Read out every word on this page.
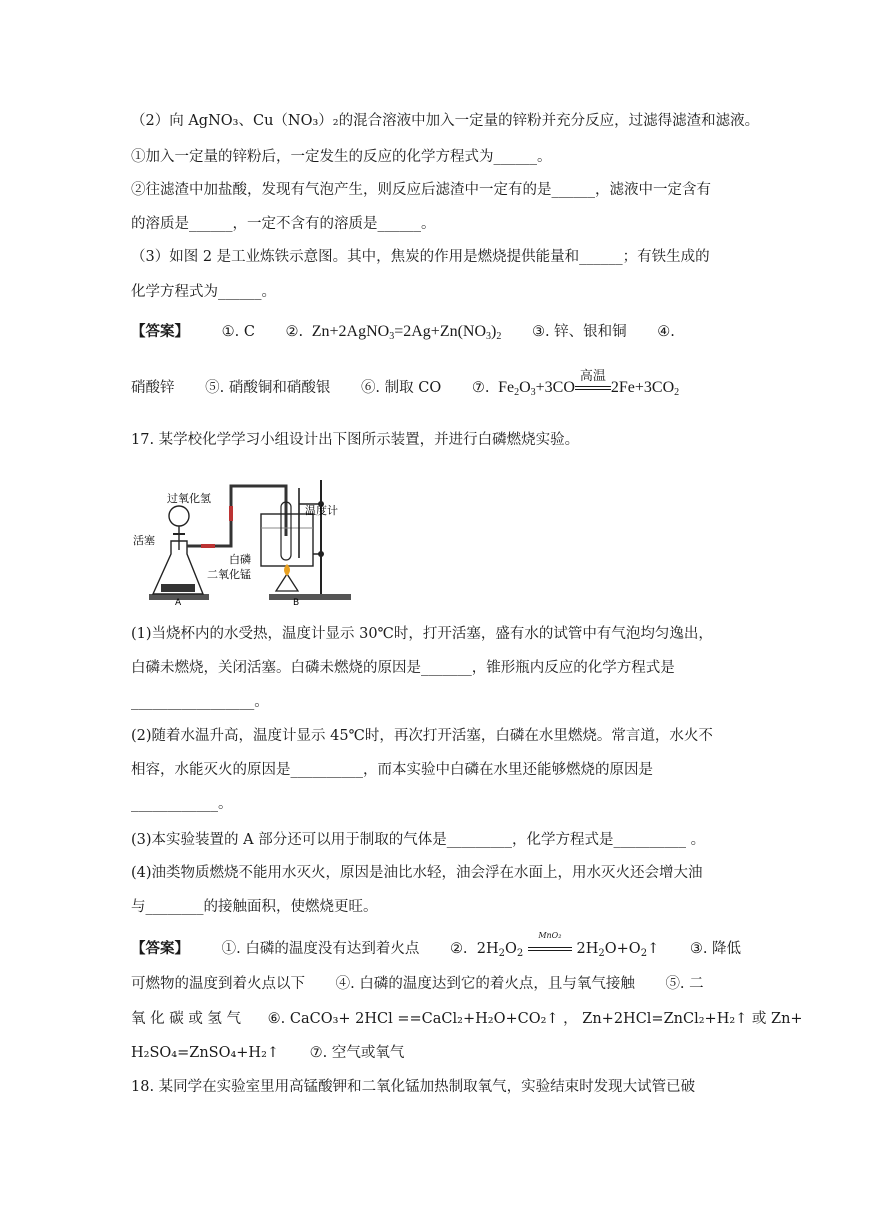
（2）向 AgNO₃、Cu（NO₃）₂的混合溶液中加入一定量的锌粉并充分反应，过滤得滤渣和滤液。
①加入一定量的锌粉后，一定发生的反应的化学方程式为______。
②往滤渣中加盐酸，发现有气泡产生，则反应后滤渣中一定有的是______，滤液中一定含有
的溶质是______，一定不含有的溶质是______。
（3）如图 2 是工业炼铁示意图。其中，焦炭的作用是燃烧提供能量和______；有铁生成的
化学方程式为______。
【答案】 ①. C ②.  $Zn+2AgNO_3=2Ag+Zn(NO_3)_2$ ③. 锌、银和铜 ④.
硝酸锌 ⑤. 硝酸铜和硝酸银 ⑥. 制取 CO ⑦.  $Fe_2O_3+3CO$
高温
$2Fe+3CO_2$
17. 某学校化学学习小组设计出下图所示装置，并进行白磷燃烧实验。
过氧化氢
活塞
温度计
白磷
二氧化锰
A	B
(1)当烧杯内的水受热，温度计显示 30℃时，打开活塞，盛有水的试管中有气泡均匀逸出，
白磷未燃烧，关闭活塞。白磷未燃烧的原因是_______，锥形瓶内反应的化学方程式是
_________________。
(2)随着水温升高，温度计显示 45℃时，再次打开活塞，白磷在水里燃烧。常言道，水火不
相容，水能灭火的原因是__________，而本实验中白磷在水里还能够燃烧的原因是
____________。
(3)本实验装置的 A 部分还可以用于制取的气体是_________，化学方程式是__________ 。
(4)油类物质燃烧不能用水灭火，原因是油比水轻，油会浮在水面上，用水灭火还会增大油
与________的接触面积，使燃烧更旺。
【答案】 ①. 白磷的温度没有达到着火点 ②.  $2H_2O_2$
MnO₂
$2H_2O+O_2↑$ ③. 降低
可燃物的温度到着火点以下 ④. 白磷的温度达到它的着火点，且与氧气接触 ⑤. 二
氧 化 碳 或 氢 气 ⑥. CaCO₃+ 2HCl ==CaCl₂+H₂O+CO₂↑ ， Zn+2HCl=ZnCl₂+H₂↑ 或 Zn+
H₂SO₄=ZnSO₄+H₂↑ ⑦. 空气或氧气
18. 某同学在实验室里用高锰酸钾和二氧化锰加热制取氧气，实验结束时发现大试管已破
